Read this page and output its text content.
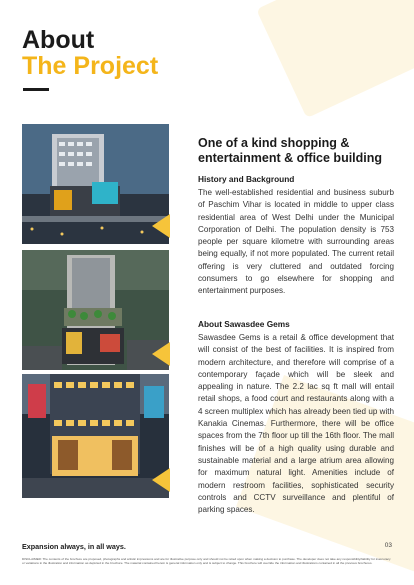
About
The Project
One of a kind shopping & entertainment & office building
History and Background

The well-established residential and business suburb of Paschim Vihar is located in middle to upper class residential area of West Delhi under the Municipal Corporation of Delhi. The population density is 753 people per square kilometre with surrounding areas being equally, if not more populated. The current retail offering is very cluttered and outdated forcing consumers to go elsewhere for shopping and entertainment purposes.

About Sawasdee Gems

Sawasdee Gems is a retail & office development that will consist of the best of facilities. It is inspired from modern architecture, and therefore will comprise of a contemporary façade which will be sleek and appealing in nature. The 2.2 lac sq ft mall will entail retail shops, a food court and restaurants along with a 4 screen multiplex which has already been tied up with Kanakia Cinemas. Furthermore, there will be office spaces from the 7th floor up till the 16th floor. The mall finishes will be of a high quality using durable and sustainable material and a large atrium area allowing for maximum natural light. Amenities include of modern restroom facilities, sophisticated security controls and CCTV surveillance and plentiful of parking spaces.

Expansion always, in all ways.	03
DISCLAIMER: The contents of the brochure are proposed, photographs and artistic impressions and are for illustrative purpose only and should not be relied upon when making a decision to purchase. The developer does not take any responsibility/liability for inaccuracy or variations in the illustration and information as depicted in the brochure. The material contained herein is general information only and is subject to change. This brochure will override the information and illustrations contained in all the previous brochures.
